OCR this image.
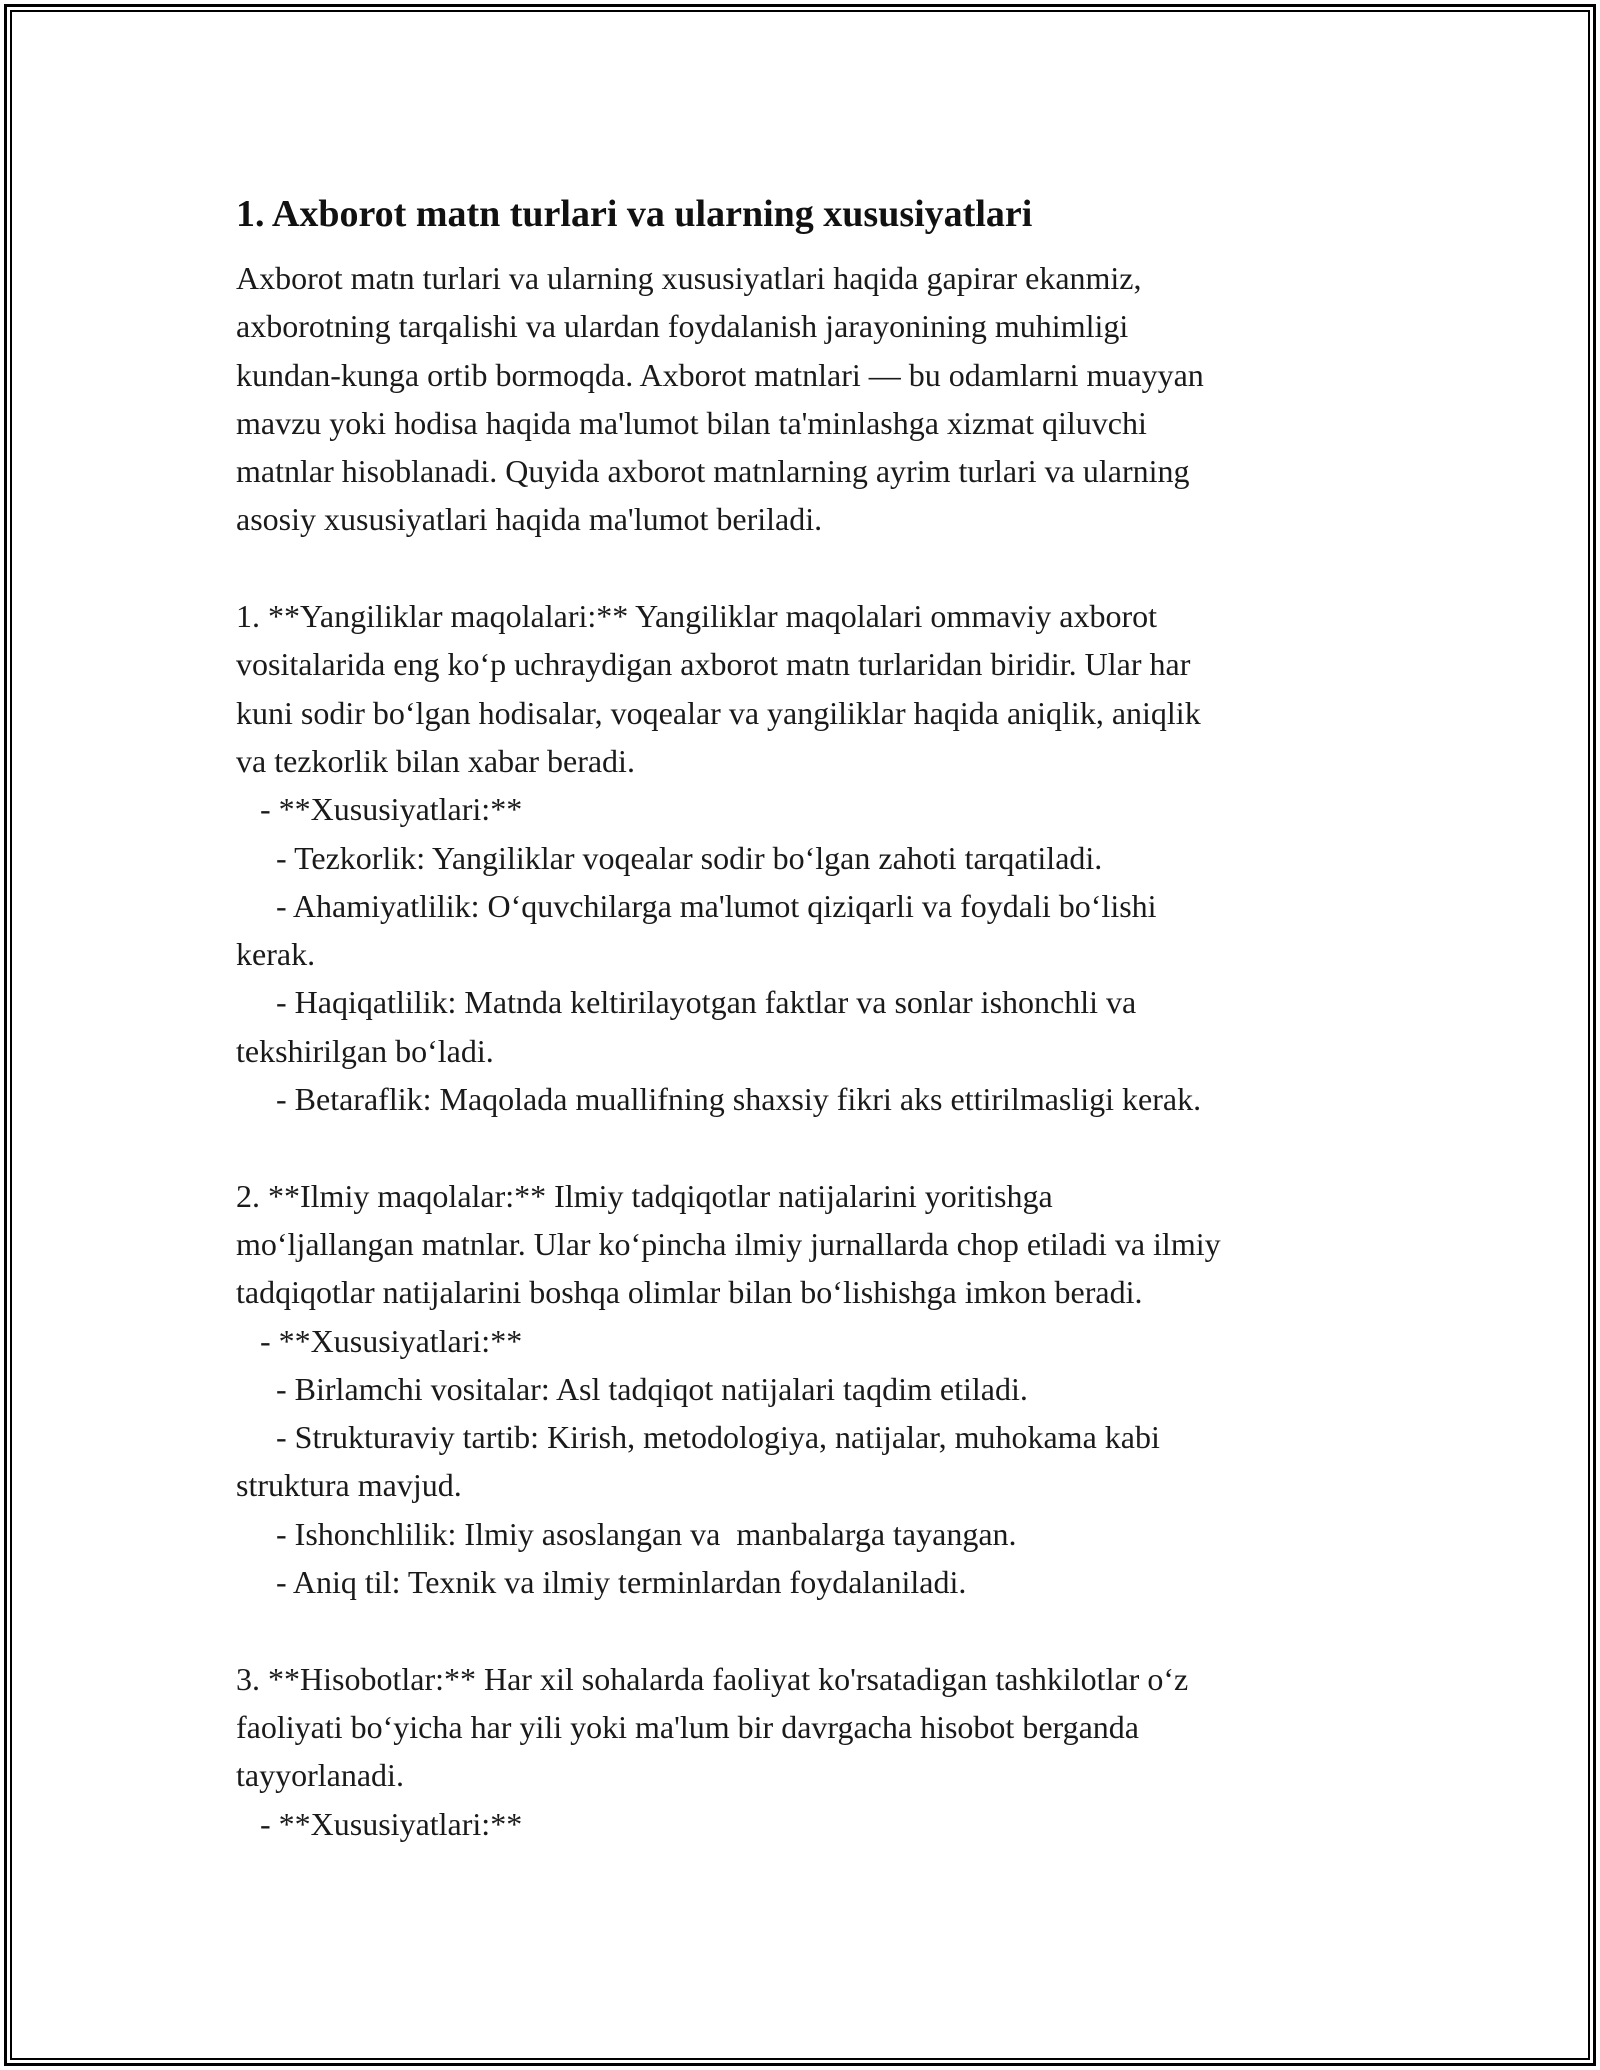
1. Axborot matn turlari va ularning xususiyatlari

Axborot matn turlari va ularning xususiyatlari haqida gapirar ekanmiz,

axborotning tarqalishi va ulardan foydalanish jarayonining muhimligi

kundan-kunga ortib bormoqda. Axborot matnlari — bu odamlarni muayyan

mavzu yoki hodisa haqida ma'lumot bilan ta'minlashga xizmat qiluvchi

matnlar hisoblanadi. Quyida axborot matnlarning ayrim turlari va ularning

asosiy xususiyatlari haqida ma'lumot beriladi.

1. **Yangiliklar maqolalari:** Yangiliklar maqolalari ommaviy axborot

vositalarida eng ko‘p uchraydigan axborot matn turlaridan biridir. Ular har

kuni sodir bo‘lgan hodisalar, voqealar va yangiliklar haqida aniqlik, aniqlik

va tezkorlik bilan xabar beradi.

- **Xususiyatlari:**

- Tezkorlik: Yangiliklar voqealar sodir bo‘lgan zahoti tarqatiladi.

- Ahamiyatlilik: O‘quvchilarga ma'lumot qiziqarli va foydali bo‘lishi

kerak.

- Haqiqatlilik: Matnda keltirilayotgan faktlar va sonlar ishonchli va

tekshirilgan bo‘ladi.

- Betaraflik: Maqolada muallifning shaxsiy fikri aks ettirilmasligi kerak.

2. **Ilmiy maqolalar:** Ilmiy tadqiqotlar natijalarini yoritishga

mo‘ljallangan matnlar. Ular ko‘pincha ilmiy jurnallarda chop etiladi va ilmiy

tadqiqotlar natijalarini boshqa olimlar bilan bo‘lishishga imkon beradi.

- **Xususiyatlari:**

- Birlamchi vositalar: Asl tadqiqot natijalari taqdim etiladi.

- Strukturaviy tartib: Kirish, metodologiya, natijalar, muhokama kabi

struktura mavjud.

- Ishonchlilik: Ilmiy asoslangan va  manbalarga tayangan.

- Aniq til: Texnik va ilmiy terminlardan foydalaniladi.

3. **Hisobotlar:** Har xil sohalarda faoliyat ko'rsatadigan tashkilotlar o‘z

faoliyati bo‘yicha har yili yoki ma'lum bir davrgacha hisobot berganda

tayyorlanadi.

- **Xususiyatlari:**
